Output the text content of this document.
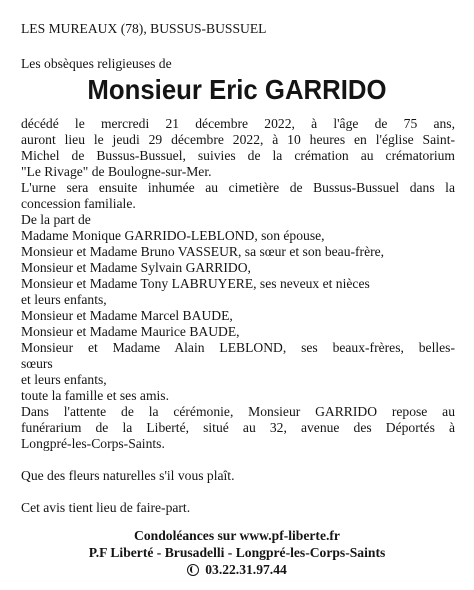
LES MUREAUX (78), BUSSUS-BUSSUEL
Les obsèques religieuses de
Monsieur Eric GARRIDO
décédé le mercredi 21 décembre 2022, à l'âge de 75 ans,
auront lieu le jeudi 29 décembre 2022, à 10 heures en l'église Saint-
Michel de Bussus-Bussuel, suivies de la crémation au crématorium
"Le Rivage" de Boulogne-sur-Mer.
L'urne sera ensuite inhumée au cimetière de Bussus-Bussuel dans la
concession familiale.
De la part de
Madame Monique GARRIDO-LEBLOND, son épouse,
Monsieur et Madame Bruno VASSEUR, sa sœur et son beau-frère,
Monsieur et Madame Sylvain GARRIDO,
Monsieur et Madame Tony LABRUYERE, ses neveux et nièces
et leurs enfants,
Monsieur et Madame Marcel BAUDE,
Monsieur et Madame Maurice BAUDE,
Monsieur et Madame Alain LEBLOND, ses beaux-frères, belles-
sœurs
et leurs enfants,
toute la famille et ses amis.
Dans l'attente de la cérémonie, Monsieur GARRIDO repose au
funérarium de la Liberté, situé au 32, avenue des Déportés à
Longpré-les-Corps-Saints.
Que des fleurs naturelles s'il vous plaît.
Cet avis tient lieu de faire-part.
Condoléances sur www.pf-liberte.fr
P.F Liberté - Brusadelli - Longpré-les-Corps-Saints
03.22.31.97.44
